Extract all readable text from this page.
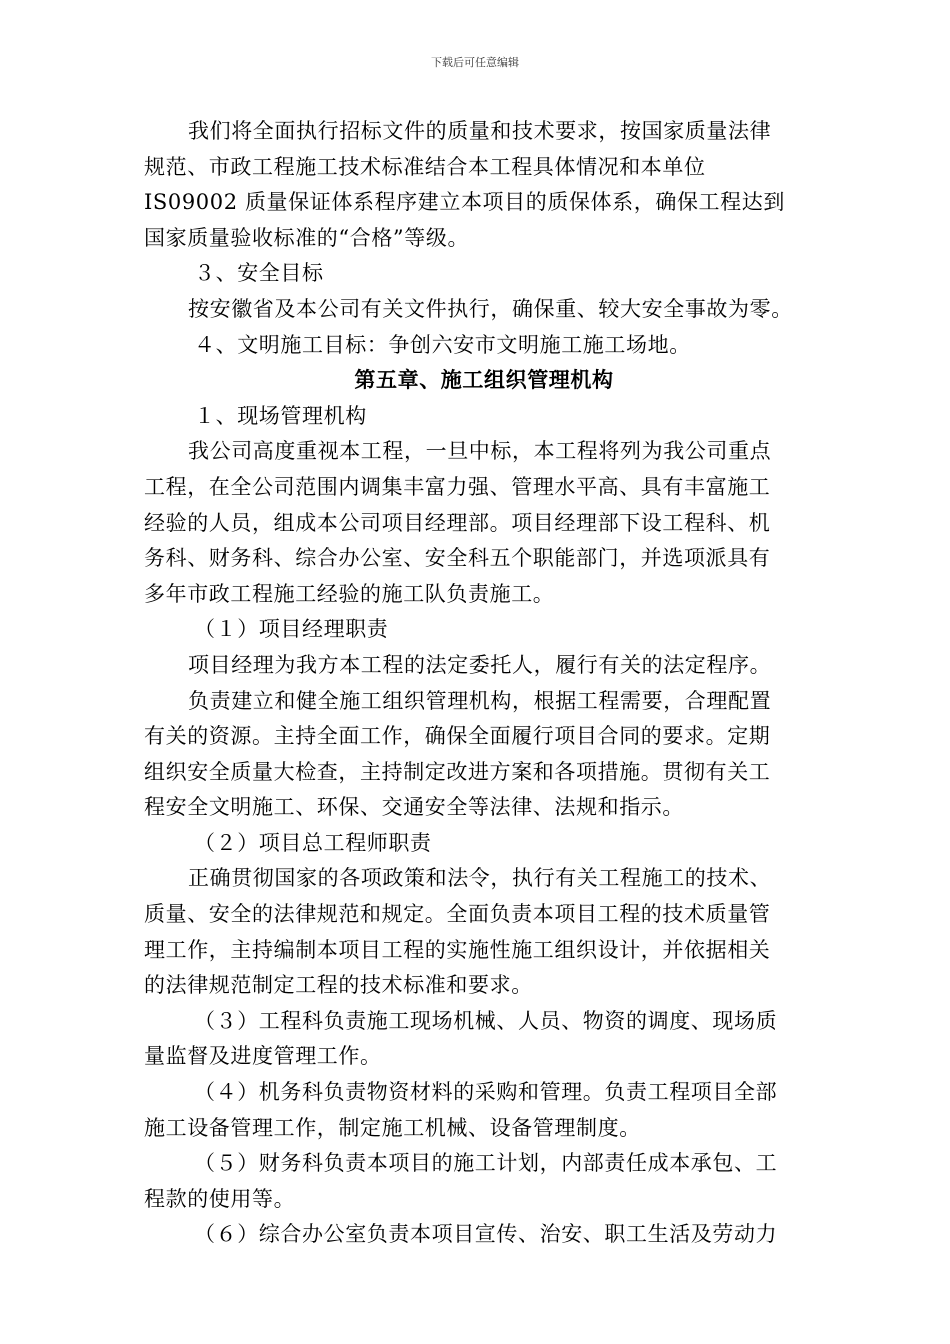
下载后可任意编辑
我们将全面执行招标文件的质量和技术要求，按国家质量法律
规范、市政工程施工技术标准结合本工程具体情况和本单位
IS09002 质量保证体系程序建立本项目的质保体系，确保工程达到
国家质量验收标准的“合格”等级。
３、安全目标
按安徽省及本公司有关文件执行，确保重、较大安全事故为零。
４、文明施工目标：争创六安市文明施工施工场地。
第五章、施工组织管理机构
１、现场管理机构
我公司高度重视本工程，一旦中标，本工程将列为我公司重点
工程，在全公司范围内调集丰富力强、管理水平高、具有丰富施工
经验的人员，组成本公司项目经理部。项目经理部下设工程科、机
务科、财务科、综合办公室、安全科五个职能部门，并选项派具有
多年市政工程施工经验的施工队负责施工。
（１）项目经理职责
项目经理为我方本工程的法定委托人，履行有关的法定程序。
负责建立和健全施工组织管理机构，根据工程需要，合理配置
有关的资源。主持全面工作，确保全面履行项目合同的要求。定期
组织安全质量大检查，主持制定改进方案和各项措施。贯彻有关工
程安全文明施工、环保、交通安全等法律、法规和指示。
（２）项目总工程师职责
正确贯彻国家的各项政策和法令，执行有关工程施工的技术、
质量、安全的法律规范和规定。全面负责本项目工程的技术质量管
理工作，主持编制本项目工程的实施性施工组织设计，并依据相关
的法律规范制定工程的技术标准和要求。
（３）工程科负责施工现场机械、人员、物资的调度、现场质
量监督及进度管理工作。
（４）机务科负责物资材料的采购和管理。负责工程项目全部
施工设备管理工作，制定施工机械、设备管理制度。
（５）财务科负责本项目的施工计划，内部责任成本承包、工
程款的使用等。
（６）综合办公室负责本项目宣传、治安、职工生活及劳动力
